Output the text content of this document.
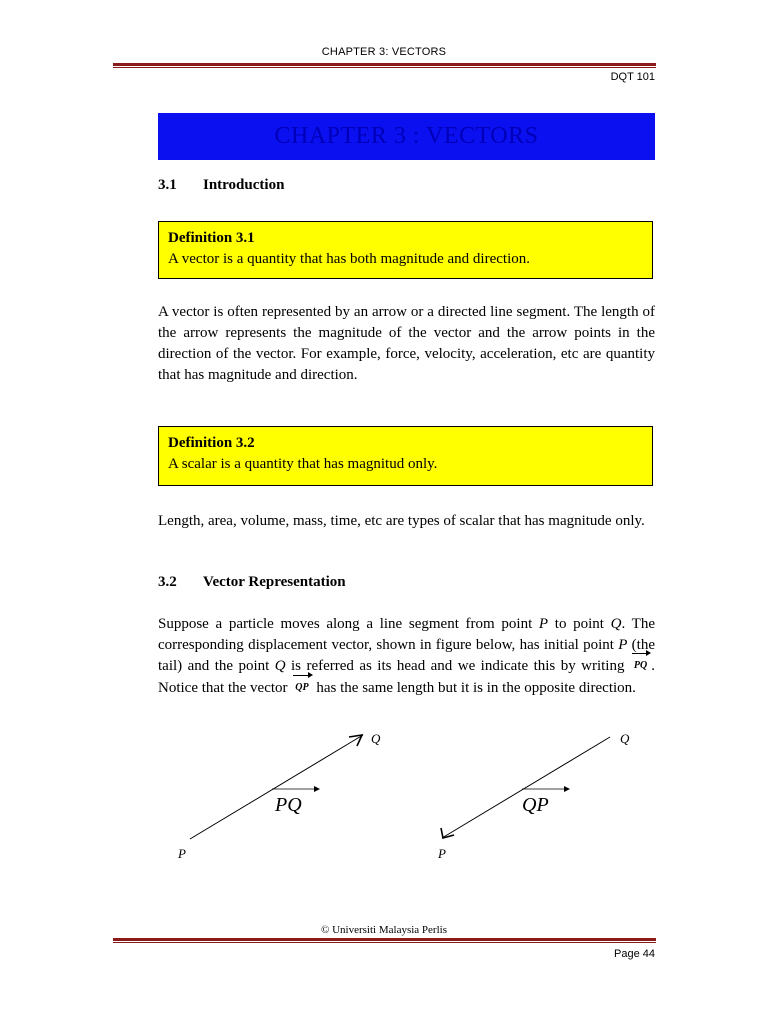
CHAPTER 3: VECTORS
DQT 101
CHAPTER 3 : VECTORS
3.1 Introduction
Definition 3.1
A vector is a quantity that has both magnitude and direction.
A vector is often represented by an arrow or a directed line segment. The length of the arrow represents the magnitude of the vector and the arrow points in the direction of the vector. For example, force, velocity, acceleration, etc are quantity that has magnitude and direction.
Definition 3.2
A scalar is a quantity that has magnitud only.
Length, area, volume, mass, time, etc are types of scalar that has magnitude only.
3.2 Vector Representation
Suppose a particle moves along a line segment from point P to point Q. The corresponding displacement vector, shown in figure below, has initial point P (the tail) and the point Q is referred as its head and we indicate this by writing PQ . Notice that the vector QP has the same length but it is in the opposite direction.
PQ
P
Q
QP
P
Q
© Universiti Malaysia Perlis
Page 44
